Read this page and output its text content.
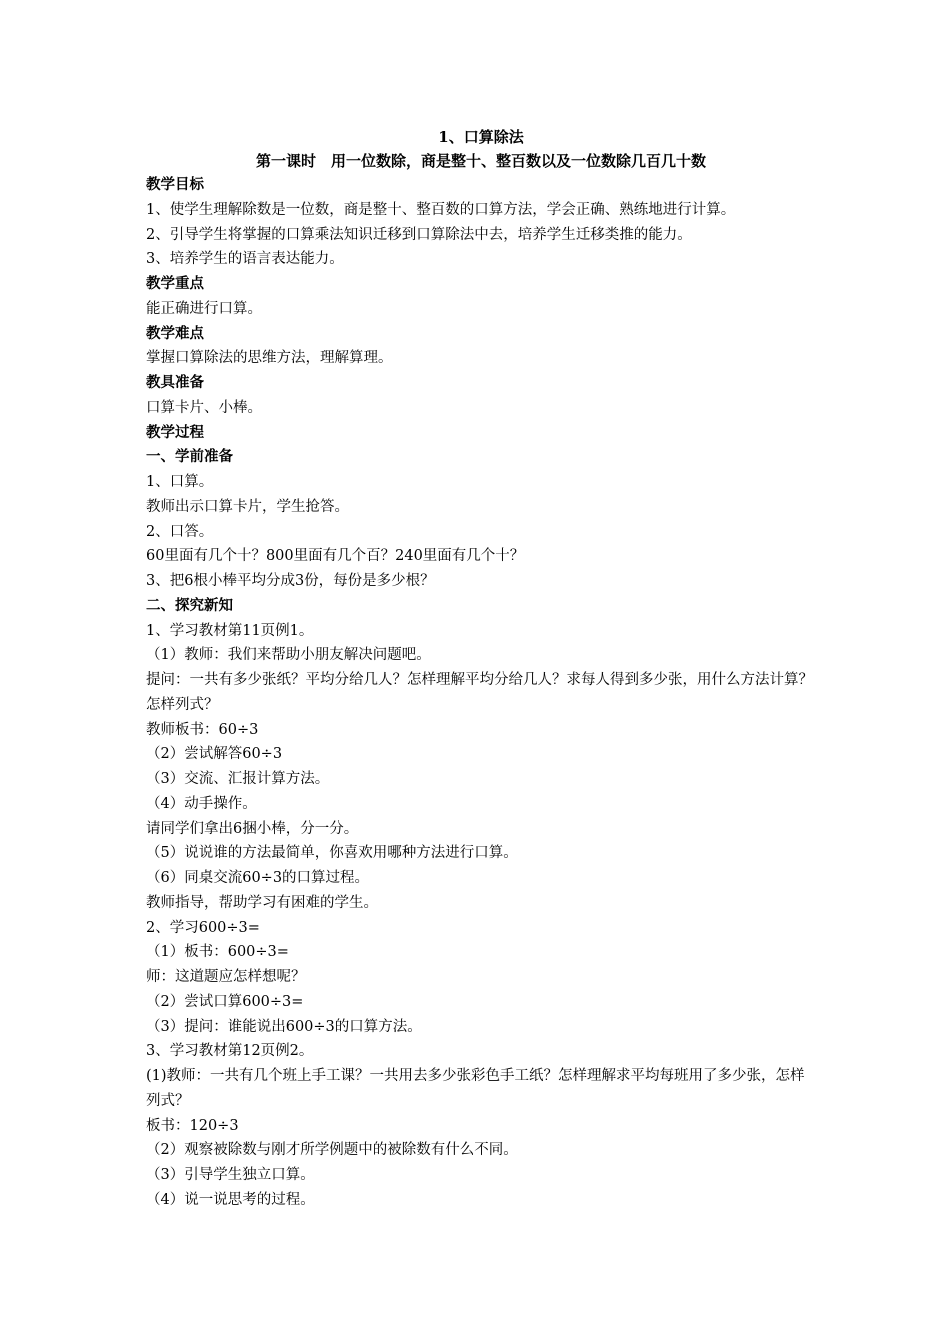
1、口算除法
第一课时　用一位数除，商是整十、整百数以及一位数除几百几十数
教学目标
1、使学生理解除数是一位数，商是整十、整百数的口算方法，学会正确、熟练地进行计算。
2、引导学生将掌握的口算乘法知识迁移到口算除法中去，培养学生迁移类推的能力。
3、培养学生的语言表达能力。
教学重点
能正确进行口算。
教学难点
掌握口算除法的思维方法，理解算理。
教具准备
口算卡片、小棒。
教学过程
一、学前准备
1、口算。
教师出示口算卡片，学生抢答。
2、口答。
60里面有几个十？800里面有几个百？240里面有几个十？
3、把6根小棒平均分成3份，每份是多少根？
二、探究新知
1、学习教材第11页例1。
（1）教师：我们来帮助小朋友解决问题吧。
提问：一共有多少张纸？平均分给几人？怎样理解平均分给几人？求每人得到多少张，用什么方法计算？怎样列式？
教师板书：60÷3
（2）尝试解答60÷3
（3）交流、汇报计算方法。
（4）动手操作。
请同学们拿出6捆小棒，分一分。
（5）说说谁的方法最简单，你喜欢用哪种方法进行口算。
（6）同桌交流60÷3的口算过程。
教师指导，帮助学习有困难的学生。
2、学习600÷3=
（1）板书：600÷3=
师：这道题应怎样想呢？
（2）尝试口算600÷3=
（3）提问：谁能说出600÷3的口算方法。
3、学习教材第12页例2。
(1)教师：一共有几个班上手工课？一共用去多少张彩色手工纸？怎样理解求平均每班用了多少张，怎样列式？
板书：120÷3
（2）观察被除数与刚才所学例题中的被除数有什么不同。
（3）引导学生独立口算。
（4）说一说思考的过程。
